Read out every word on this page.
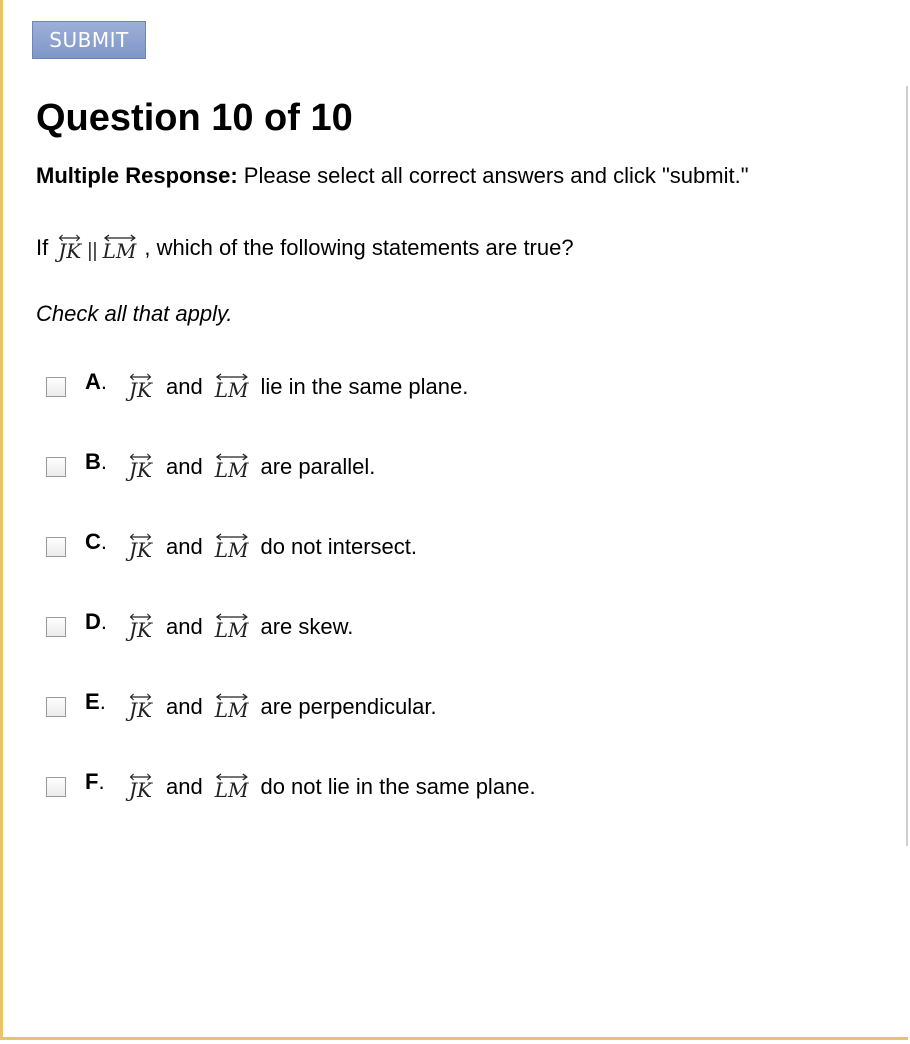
SUBMIT
Question 10 of 10
Multiple Response: Please select all correct answers and click "submit."
If JK || LM , which of the following statements are true?
Check all that apply.
A.	JK and LM lie in the same plane.
B.	JK and LM are parallel.
C.	JK and LM do not intersect.
D.	JK and LM are skew.
E.	JK and LM are perpendicular.
F.	JK and LM do not lie in the same plane.
